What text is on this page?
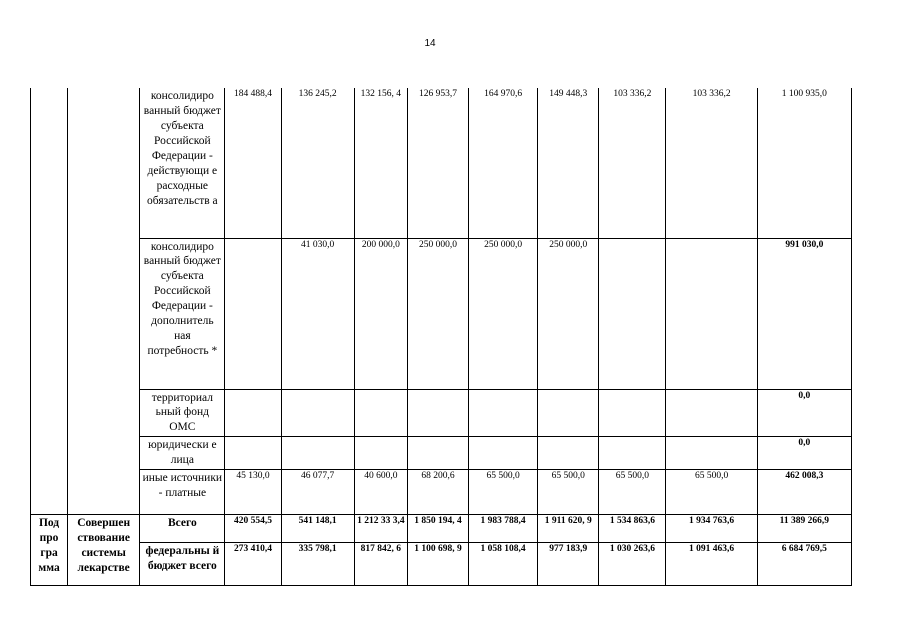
14
		консолидиро ванный бюджет субъекта Российской Федерации - действующи е расходные обязательств а	184 488,4	136 245,2	132 156, 4	126 953,7	164 970,6	149 448,3	103 336,2	103 336,2	1 100 935,0
		консолидиро ванный бюджет субъекта Российской Федерации - дополнитель ная потребность *		41 030,0	200 000,0	250 000,0	250 000,0	250 000,0			991 030,0
		территориал ьный фонд ОМС									0,0
		юридически е лица									0,0
		иные источники - платные	45 130,0	46 077,7	40 600,0	68 200,6	65 500,0	65 500,0	65 500,0	65 500,0	462 008,3
Под про гра мма	Совершен ствование системы лекарстве	Всего	420 554,5	541 148,1	1 212 33 3,4	1 850 194, 4	1 983 788,4	1 911 620, 9	1 534 863,6	1 934 763,6	11 389 266,9
		федеральны й бюджет всего	273 410,4	335 798,1	817 842, 6	1 100 698, 9	1 058 108,4	977 183,9	1 030 263,6	1 091 463,6	6 684 769,5
